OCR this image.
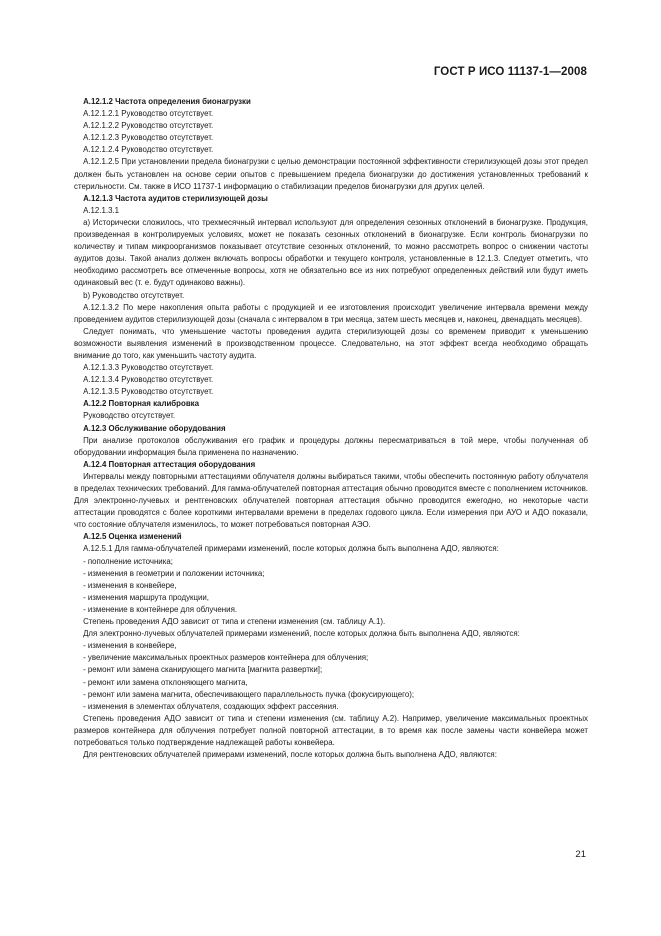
ГОСТ Р ИСО 11137-1—2008

А.12.1.2 Частота определения бионагрузки

А.12.1.2.1 Руководство отсутствует.

А.12.1.2.2 Руководство отсутствует.

А.12.1.2.3 Руководство отсутствует.

А.12.1.2.4 Руководство отсутствует.

А.12.1.2.5 При установлении предела бионагрузки с целью демонстрации постоянной эффективности стерилизующей дозы этот предел должен быть установлен на основе серии опытов с превышением предела бионагрузки до достижения установленных требований к стерильности. См. также в ИСО 11737-1 информацию о стабилизации пределов бионагрузки для других целей.

А.12.1.3 Частота аудитов стерилизующей дозы

А.12.1.3.1

а) Исторически сложилось, что трехмесячный интервал используют для определения сезонных отклонений в бионагрузке. Продукция, произведенная в контролируемых условиях, может не показать сезонных отклонений в бионагрузке. Если контроль бионагрузки по количеству и типам микроорганизмов показывает отсутствие сезонных отклонений, то можно рассмотреть вопрос о снижении частоты аудитов дозы. Такой анализ должен включать вопросы обработки и текущего контроля, установленные в 12.1.3. Следует отметить, что необходимо рассмотреть все отмеченные вопросы, хотя не обязательно все из них потребуют определенных действий или будут иметь одинаковый вес (т. е. будут одинаково важны).

b) Руководство отсутствует.

А.12.1.3.2 По мере накопления опыта работы с продукцией и ее изготовления происходит увеличение интервала времени между проведением аудитов стерилизующей дозы (сначала с интервалом в три месяца, затем шесть месяцев и, наконец, двенадцать месяцев).

Следует понимать, что уменьшение частоты проведения аудита стерилизующей дозы со временем приводит к уменьшению возможности выявления изменений в производственном процессе. Следовательно, на этот эффект всегда необходимо обращать внимание до того, как уменьшить частоту аудита.

А.12.1.3.3 Руководство отсутствует.

А.12.1.3.4 Руководство отсутствует.

А.12.1.3.5 Руководство отсутствует.

А.12.2 Повторная калибровка

Руководство отсутствует.

А.12.3 Обслуживание оборудования

При анализе протоколов обслуживания его график и процедуры должны пересматриваться в той мере, чтобы полученная об оборудовании информация была применена по назначению.

А.12.4 Повторная аттестация оборудования

Интервалы между повторными аттестациями облучателя должны выбираться такими, чтобы обеспечить постоянную работу облучателя в пределах технических требований. Для гамма-облучателей повторная аттестация обычно проводится вместе с пополнением источников. Для электронно-лучевых и рентгеновских облучателей повторная аттестация обычно проводится ежегодно, но некоторые части аттестации проводятся с более короткими интервалами времени в пределах годового цикла. Если измерения при АУО и АДО показали, что состояние облучателя изменилось, то может потребоваться повторная АЭО.

А.12.5 Оценка изменений

А.12.5.1 Для гамма-облучателей примерами изменений, после которых должна быть выполнена АДО, являются:

- пополнение источника;

- изменения в геометрии и положении источника;

- изменения в конвейере,

- изменения маршрута продукции,

- изменение в контейнере для облучения.

Степень проведения АДО зависит от типа и степени изменения (см. таблицу А.1).

Для электронно-лучевых облучателей примерами изменений, после которых должна быть выполнена АДО, являются:

- изменения в конвейере,

- увеличение максимальных проектных размеров контейнера для облучения;

- ремонт или замена сканирующего магнита [магнита развертки];

- ремонт или замена отклоняющего магнита,

- ремонт или замена магнита, обеспечивающего параллельность пучка (фокусирующего);

- изменения в элементах облучателя, создающих эффект рассеяния.

Степень проведения АДО зависит от типа и степени изменения (см. таблицу А.2). Например, увеличение максимальных проектных размеров контейнера для облучения потребует полной повторной аттестации, в то время как после замены части конвейера может потребоваться только подтверждение надлежащей работы конвейера.

Для рентгеновских облучателей примерами изменений, после которых должна быть выполнена АДО, являются:

21
